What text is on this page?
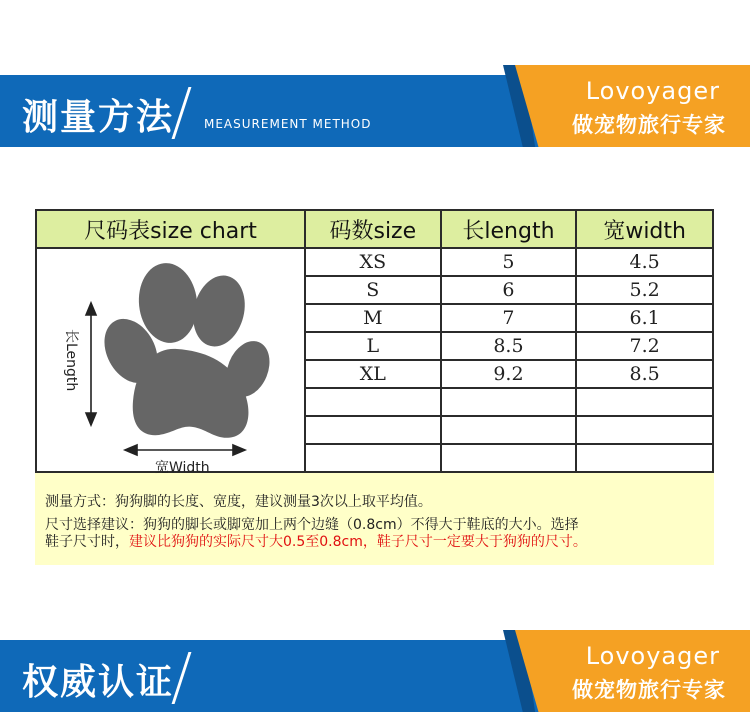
测量方法 MEASUREMENT METHOD
Lovoyager
做宠物旅行专家
尺码表size chart	码数size	长length	宽width

长Length
宽Width	XS	5	4.5
	S	6	5.2
	M	7	6.1
	L	8.5	7.2
	XL	9.2	8.5

测量方式：狗狗脚的长度、宽度，建议测量3次以上取平均值。
尺寸选择建议：狗狗的脚长或脚宽加上两个边缝（0.8cm）不得大于鞋底的大小。选择
鞋子尺寸时，建议比狗狗的实际尺寸大0.5至0.8cm，鞋子尺寸一定要大于狗狗的尺寸。
权威认证
Lovoyager
做宠物旅行专家
